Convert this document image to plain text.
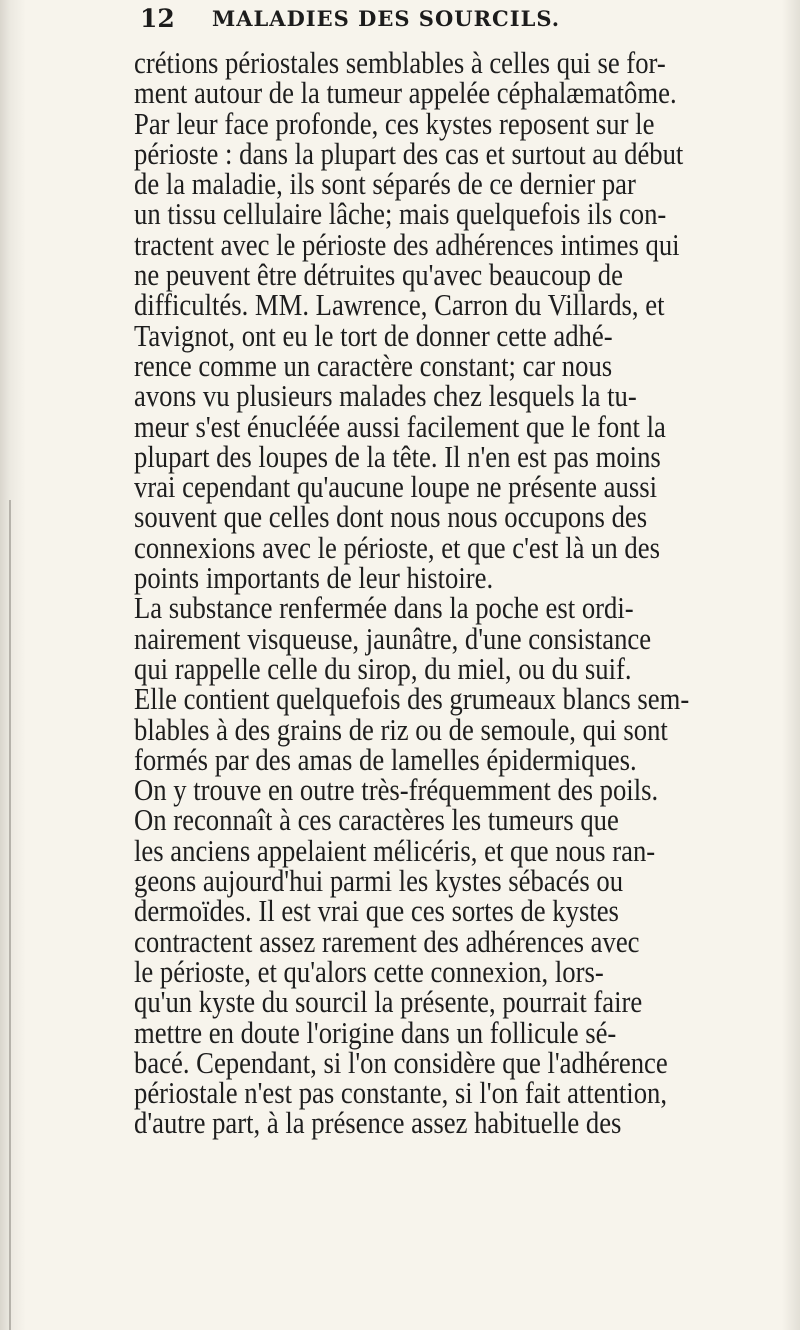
12 MALADIES DES SOURCILS.
crétions périostales semblables à celles qui se for-
ment autour de la tumeur appelée céphalæmatôme.
Par leur face profonde, ces kystes reposent sur le
périoste : dans la plupart des cas et surtout au début
de la maladie, ils sont séparés de ce dernier par
un tissu cellulaire lâche; mais quelquefois ils con-
tractent avec le périoste des adhérences intimes qui
ne peuvent être détruites qu'avec beaucoup de
difficultés. MM. Lawrence, Carron du Villards, et
Tavignot, ont eu le tort de donner cette adhé-
rence comme un caractère constant; car nous
avons vu plusieurs malades chez lesquels la tu-
meur s'est énucléée aussi facilement que le font la
plupart des loupes de la tête. Il n'en est pas moins
vrai cependant qu'aucune loupe ne présente aussi
souvent que celles dont nous nous occupons des
connexions avec le périoste, et que c'est là un des
points importants de leur histoire.
La substance renfermée dans la poche est ordi-
nairement visqueuse, jaunâtre, d'une consistance
qui rappelle celle du sirop, du miel, ou du suif.
Elle contient quelquefois des grumeaux blancs sem-
blables à des grains de riz ou de semoule, qui sont
formés par des amas de lamelles épidermiques.
On y trouve en outre très-fréquemment des poils.
On reconnaît à ces caractères les tumeurs que
les anciens appelaient mélicéris, et que nous ran-
geons aujourd'hui parmi les kystes sébacés ou
dermoïdes. Il est vrai que ces sortes de kystes
contractent assez rarement des adhérences avec
le périoste, et qu'alors cette connexion, lors-
qu'un kyste du sourcil la présente, pourrait faire
mettre en doute l'origine dans un follicule sé-
bacé. Cependant, si l'on considère que l'adhérence
périostale n'est pas constante, si l'on fait attention,
d'autre part, à la présence assez habituelle des
